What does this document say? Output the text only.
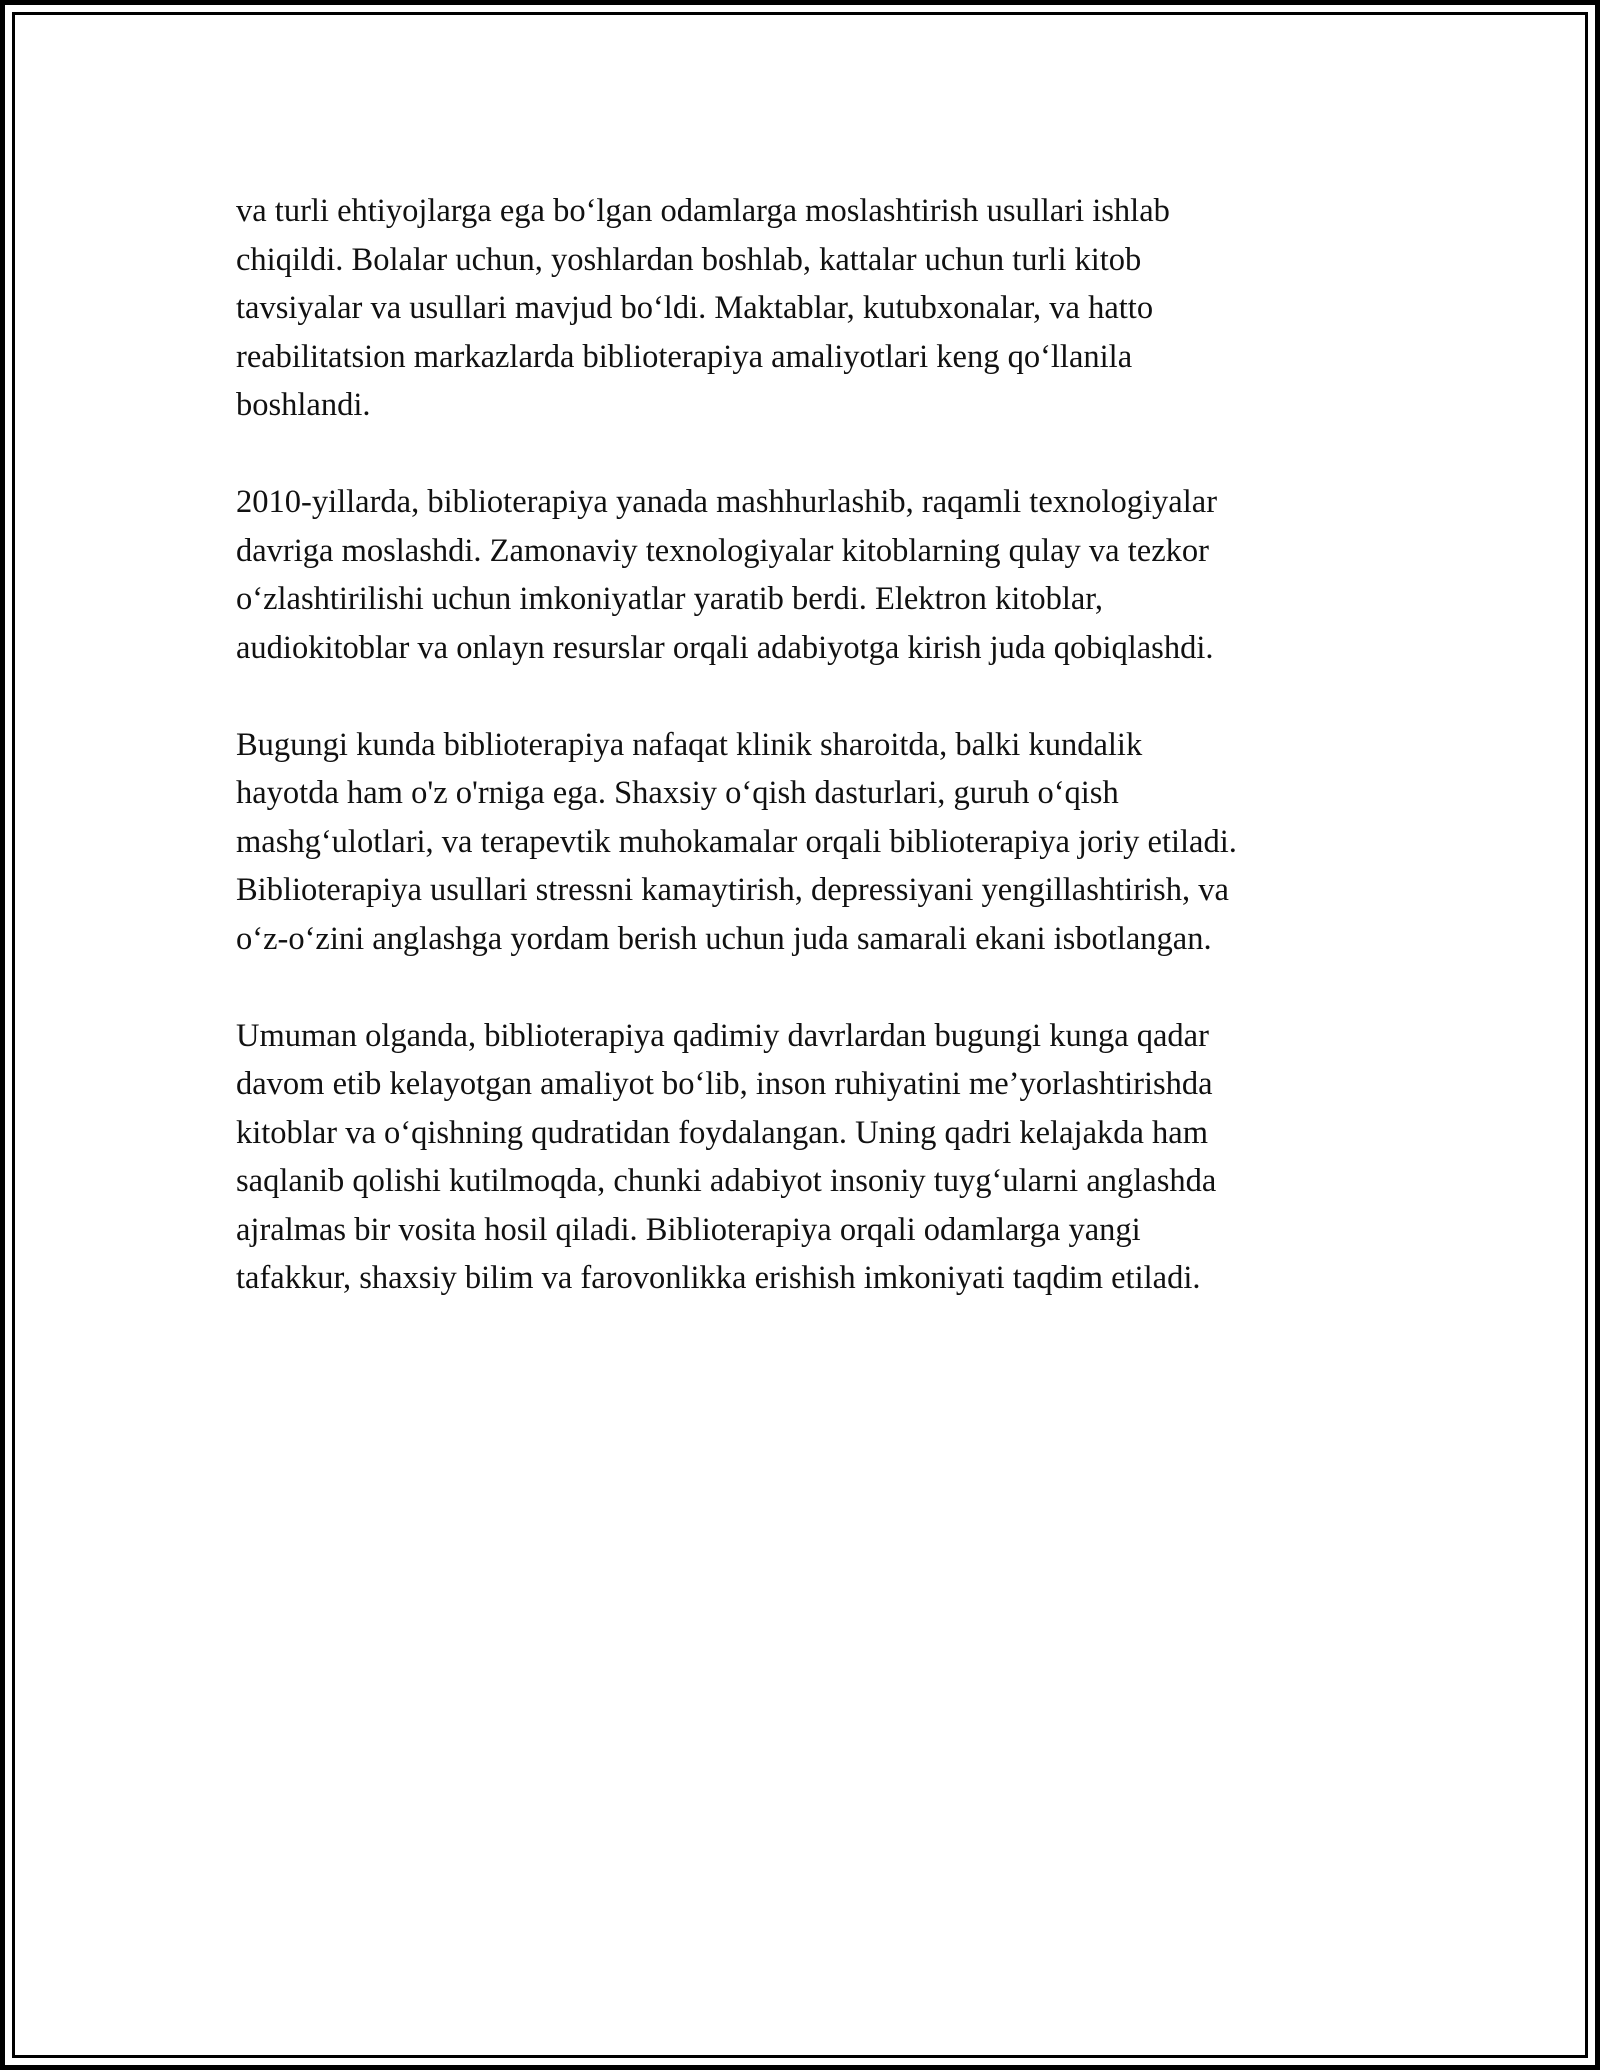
va turli ehtiyojlarga ega boʻlgan odamlarga moslashtirish usullari ishlab
chiqildi. Bolalar uchun, yoshlardan boshlab, kattalar uchun turli kitob
tavsiyalar va usullari mavjud boʻldi. Maktablar, kutubxonalar, va hatto
reabilitatsion markazlarda biblioterapiya amaliyotlari keng qoʻllanila
boshlandi.

2010-yillarda, biblioterapiya yanada mashhurlashib, raqamli texnologiyalar
davriga moslashdi. Zamonaviy texnologiyalar kitoblarning qulay va tezkor
oʻzlashtirilishi uchun imkoniyatlar yaratib berdi. Elektron kitoblar,
audiokitoblar va onlayn resurslar orqali adabiyotga kirish juda qobiqlashdi.

Bugungi kunda biblioterapiya nafaqat klinik sharoitda, balki kundalik
hayotda ham o'z o'rniga ega. Shaxsiy oʻqish dasturlari, guruh oʻqish
mashgʻulotlari, va terapevtik muhokamalar orqali biblioterapiya joriy etiladi.
Biblioterapiya usullari stressni kamaytirish, depressiyani yengillashtirish, va
oʻz-oʻzini anglashga yordam berish uchun juda samarali ekani isbotlangan.

Umuman olganda, biblioterapiya qadimiy davrlardan bugungi kunga qadar
davom etib kelayotgan amaliyot boʻlib, inson ruhiyatini me’yorlashtirishda
kitoblar va oʻqishning qudratidan foydalangan. Uning qadri kelajakda ham
saqlanib qolishi kutilmoqda, chunki adabiyot insoniy tuygʻularni anglashda
ajralmas bir vosita hosil qiladi. Biblioterapiya orqali odamlarga yangi
tafakkur, shaxsiy bilim va farovonlikka erishish imkoniyati taqdim etiladi.
